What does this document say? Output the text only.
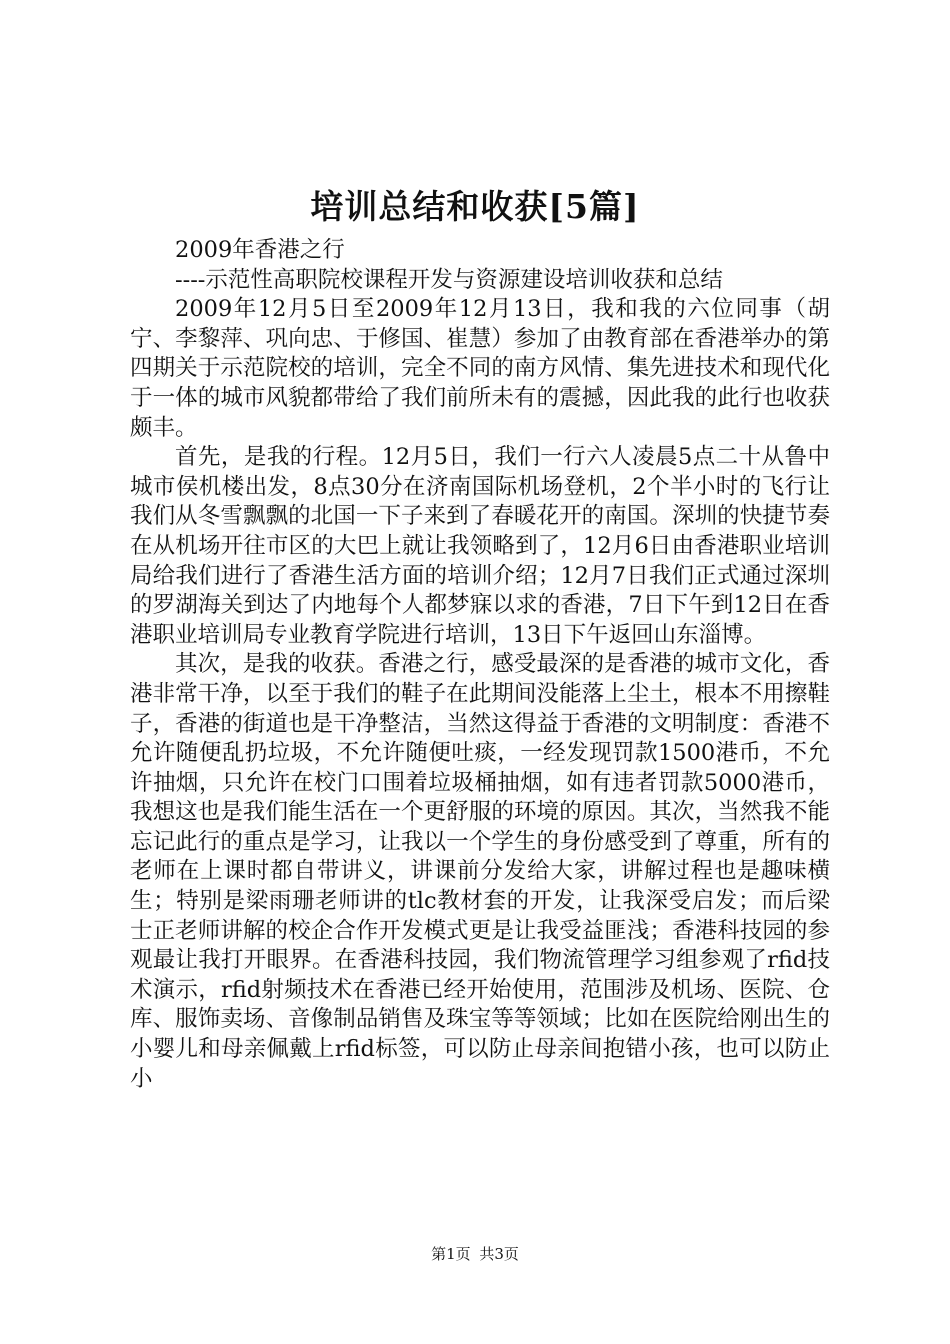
培训总结和收获[5篇]
2009年香港之行
----示范性高职院校课程开发与资源建设培训收获和总结

2009年12月5日至2009年12月13日，我和我的六位同事（胡宁、李黎萍、巩向忠、于修国、崔慧）参加了由教育部在香港举办的第四期关于示范院校的培训，完全不同的南方风情、集先进技术和现代化于一体的城市风貌都带给了我们前所未有的震撼，因此我的此行也收获颇丰。

首先，是我的行程。12月5日，我们一行六人凌晨5点二十从鲁中城市侯机楼出发，8点30分在济南国际机场登机，2个半小时的飞行让我们从冬雪飘飘的北国一下子来到了春暖花开的南国。深圳的快捷节奏在从机场开往市区的大巴上就让我领略到了，12月6日由香港职业培训局给我们进行了香港生活方面的培训介绍；12月7日我们正式通过深圳的罗湖海关到达了内地每个人都梦寐以求的香港，7日下午到12日在香港职业培训局专业教育学院进行培训，13日下午返回山东淄博。

其次，是我的收获。香港之行，感受最深的是香港的城市文化，香港非常干净，以至于我们的鞋子在此期间没能落上尘土，根本不用擦鞋子，香港的街道也是干净整洁，当然这得益于香港的文明制度：香港不允许随便乱扔垃圾，不允许随便吐痰，一经发现罚款1500港币，不允许抽烟，只允许在校门口围着垃圾桶抽烟，如有违者罚款5000港币，我想这也是我们能生活在一个更舒服的环境的原因。其次，当然我不能忘记此行的重点是学习，让我以一个学生的身份感受到了尊重，所有的老师在上课时都自带讲义，讲课前分发给大家，讲解过程也是趣味横生；特别是梁雨珊老师讲的tlc教材套的开发，让我深受启发；而后梁士正老师讲解的校企合作开发模式更是让我受益匪浅；香港科技园的参观最让我打开眼界。在香港科技园，我们物流管理学习组参观了rfid技术演示，rfid射频技术在香港已经开始使用，范围涉及机场、医院、仓库、服饰卖场、音像制品销售及珠宝等等领域；比如在医院给刚出生的小婴儿和母亲佩戴上rfid标签，可以防止母亲间抱错小孩，也可以防止小

第1页 共3页
